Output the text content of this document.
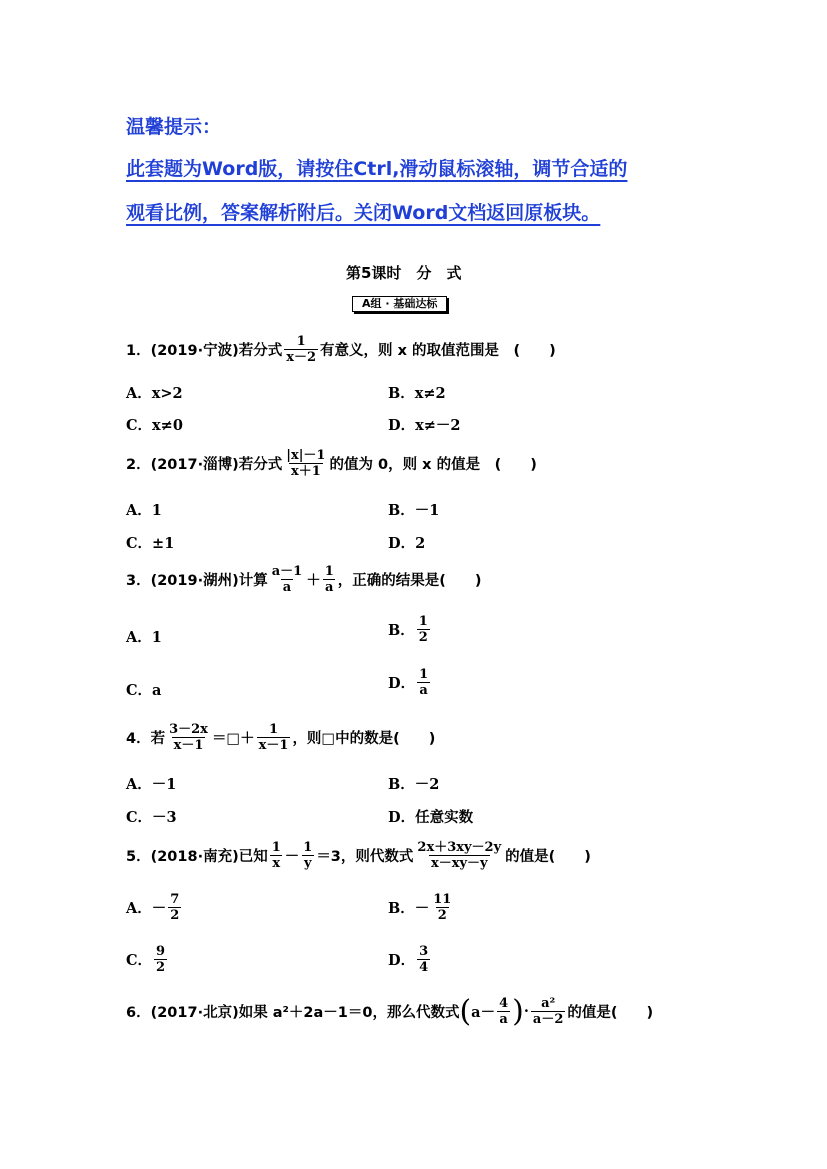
温馨提示：
此套题为Word版，请按住Ctrl,滑动鼠标滚轴，调节合适的
观看比例，答案解析附后。关闭Word文档返回原板块。
第5课时　分　式
A组 · 基础达标
1．(2019·宁波)若分式 $\frac{1}{x-2}$ 有意义，则 x 的取值范围是　(　　)
A．x>2	B．x≠2
C．x≠0	D．x≠－2
2．(2017·淄博)若分式 $\frac{|x|-1}{x+1}$ 的值为 0，则 x 的值是　(　　)
A．1	B．－1
C．±1	D．2
3．(2019·湖州)计算 $\frac{a-1}{a} + \frac{1}{a}$ ，正确的结果是(　　)
A．1	B． $\frac{1}{2}$
C．a	D． $\frac{1}{a}$
4．若 $\frac{3-2x}{x-1}$ ＝□＋ $\frac{1}{x-1}$ ，则□中的数是(　　)
A．－1	B．－2
C．－3	D．任意实数
5．(2018·南充)已知 $\frac{1}{x} - \frac{1}{y} =3$，则代数式 $\frac{2x+3xy-2y}{x-xy-y}$ 的值是(　　)
A．－ $\frac{7}{2}$	B．－ $\frac{11}{2}$
C． $\frac{9}{2}$	D． $\frac{3}{4}$
6．(2017·北京)如果 a²＋2a－1＝0，那么代数式 ( $a- \frac{4}{a}$ ) · $\frac{\text{a²}}{a-2}$ 的值是(　　)
